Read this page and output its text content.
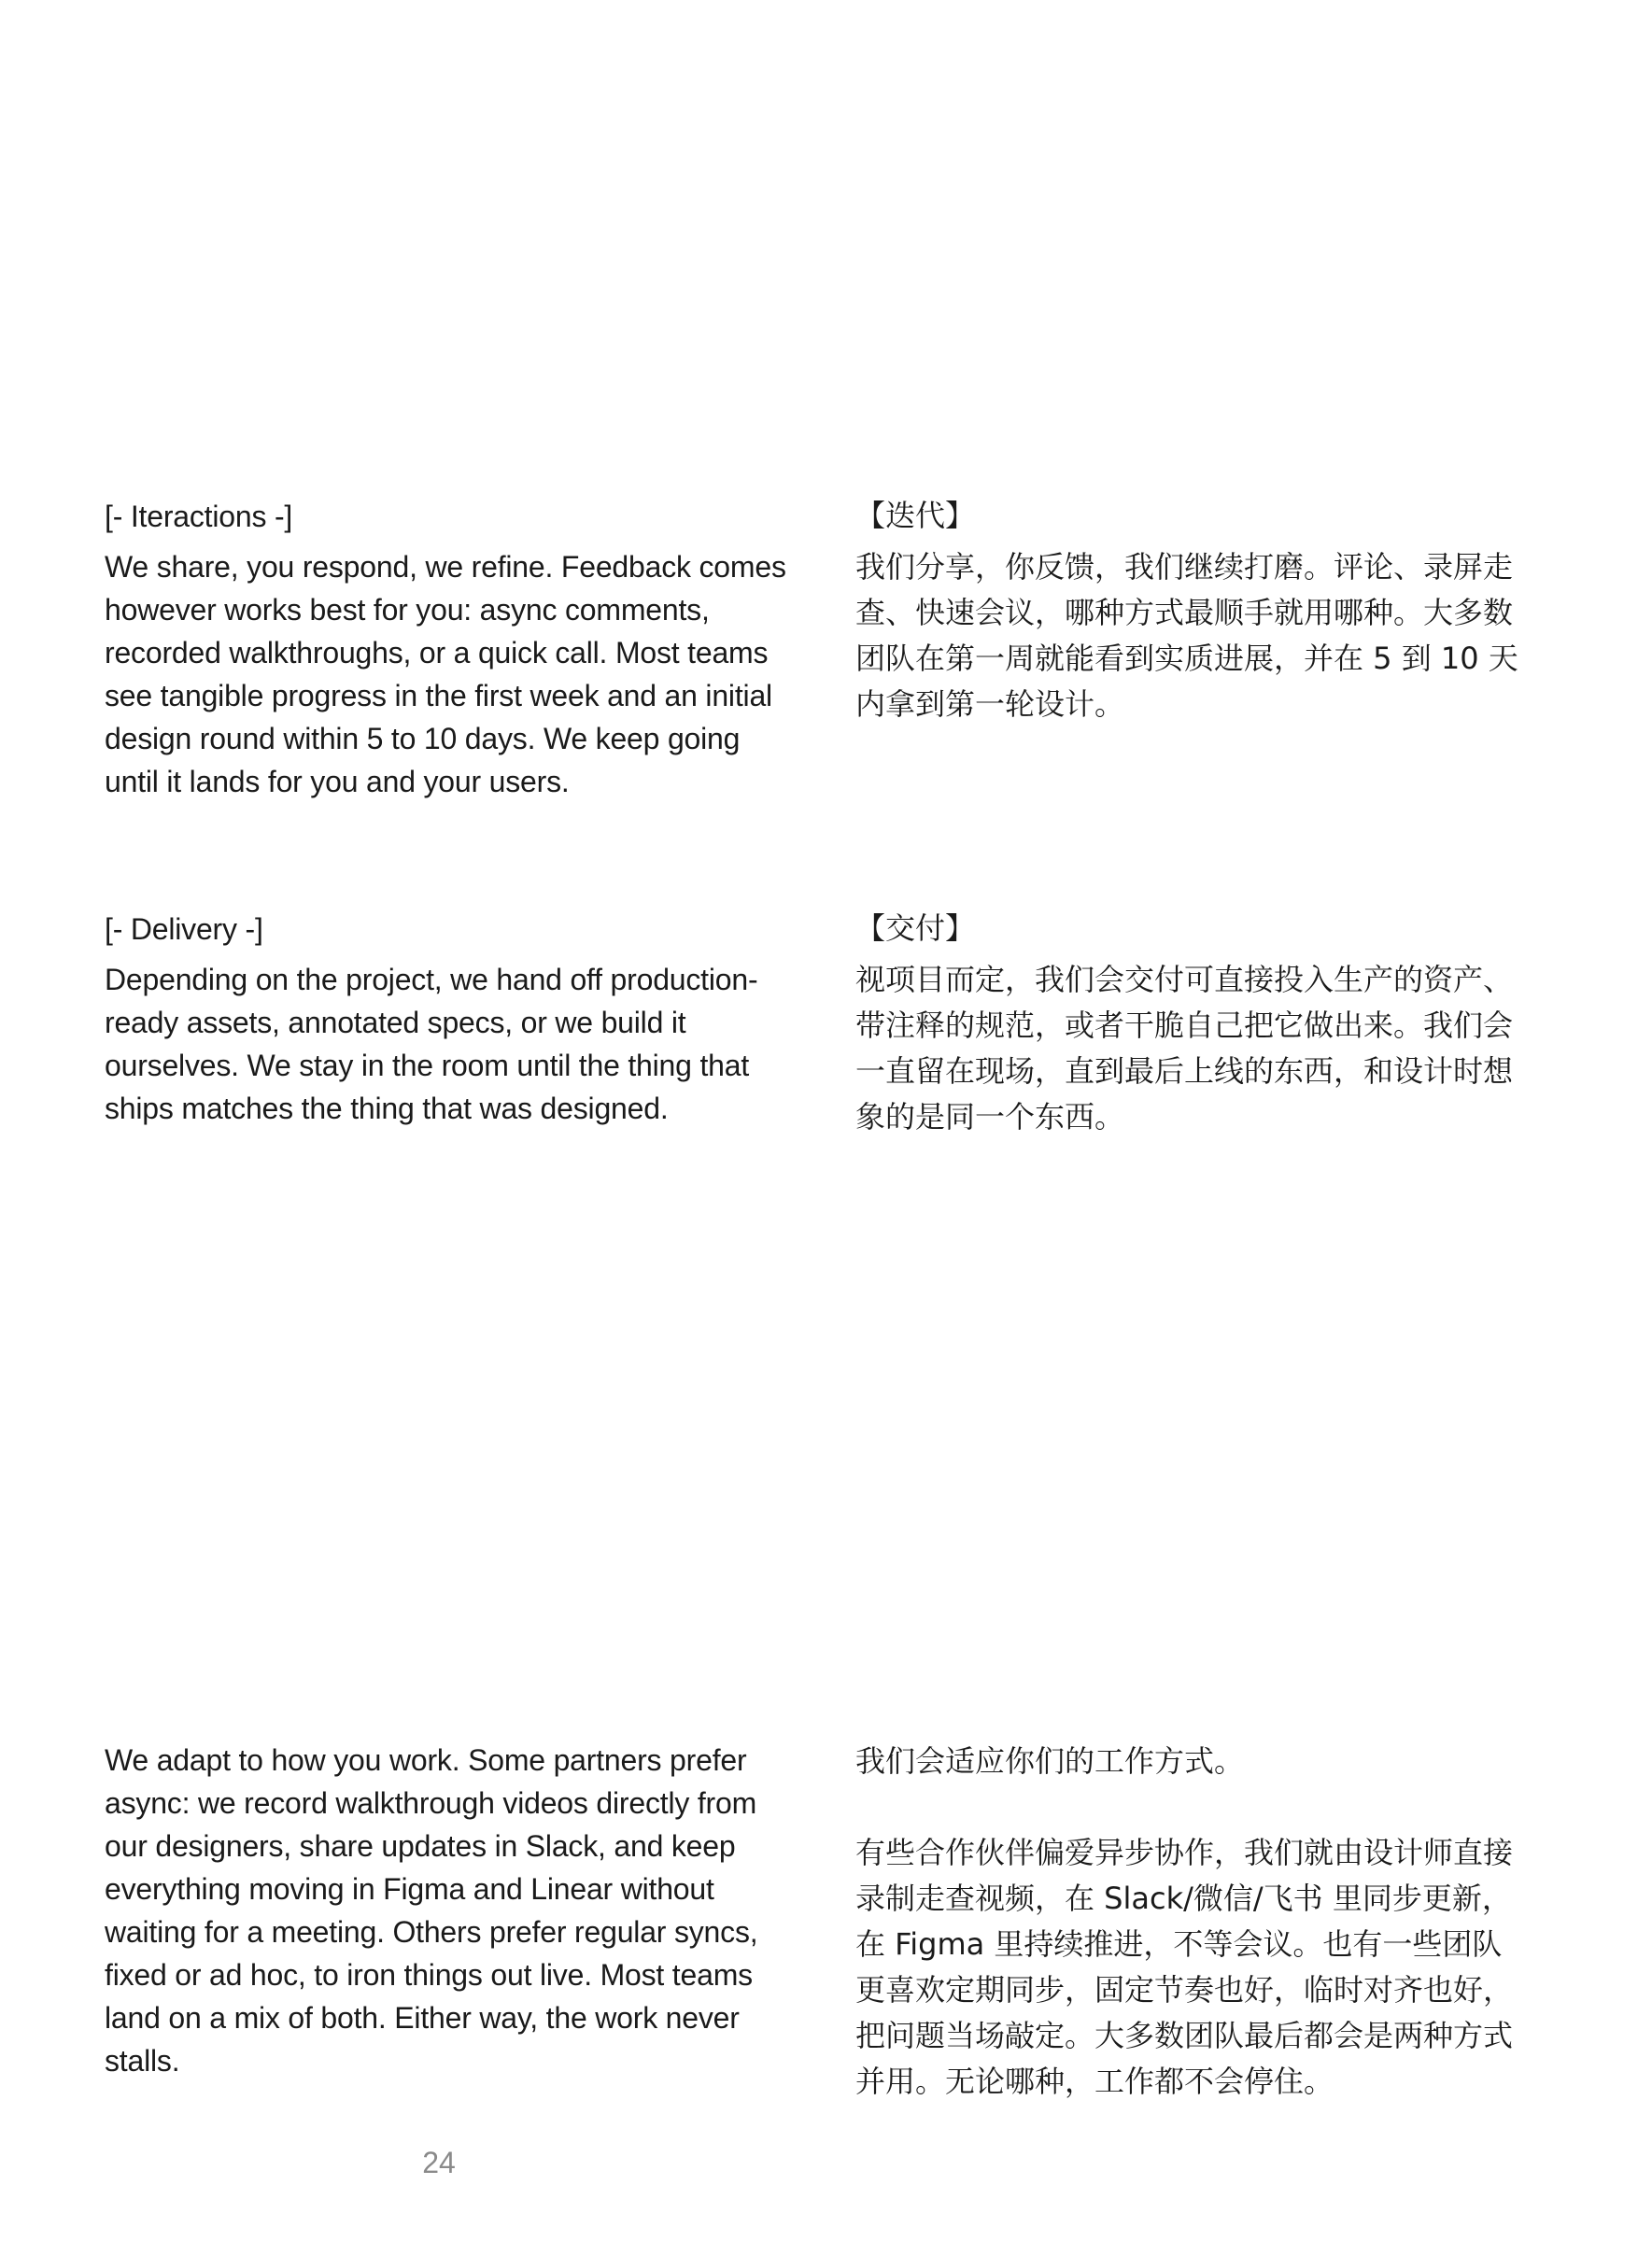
[- Iteractions -]

We share, you respond, we refine. Feedback comes however works best for you: async comments, recorded walkthroughs, or a quick call. Most teams see tangible progress in the first week and an initial design round within 5 to 10 days. We keep going until it lands for you and your users.

【迭代】

我们分享，你反馈，我们继续打磨。评论、录屏走查、快速会议，哪种方式最顺手就用哪种。大多数团队在第一周就能看到实质进展，并在 5 到 10 天内拿到第一轮设计。

[- Delivery -]

Depending on the project, we hand off production-ready assets, annotated specs, or we build it ourselves. We stay in the room until the thing that ships matches the thing that was designed.

【交付】

视项目而定，我们会交付可直接投入生产的资产、带注释的规范，或者干脆自己把它做出来。我们会一直留在现场，直到最后上线的东西，和设计时想象的是同一个东西。

We adapt to how you work. Some partners prefer async: we record walkthrough videos directly from our designers, share updates in Slack, and keep everything moving in Figma and Linear without waiting for a meeting. Others prefer regular syncs, fixed or ad hoc, to iron things out live. Most teams land on a mix of both. Either way, the work never stalls.

我们会适应你们的工作方式。

有些合作伙伴偏爱异步协作，我们就由设计师直接录制走查视频，在 Slack/微信/飞书 里同步更新，在 Figma 里持续推进，不等会议。也有一些团队更喜欢定期同步，固定节奏也好，临时对齐也好，把问题当场敲定。大多数团队最后都会是两种方式并用。无论哪种，工作都不会停住。

24
